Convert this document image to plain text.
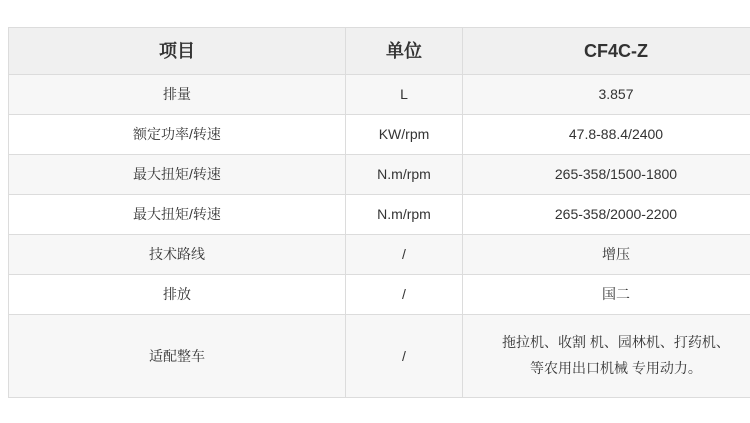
项目	单位	CF4C-Z
排量	L	3.857
额定功率/转速	KW/rpm	47.8-88.4/2400
最大扭矩/转速	N.m/rpm	265-358/1500-1800
最大扭矩/转速	N.m/rpm	265-358/2000-2200
技术路线	/	增压
排放	/	国二
适配整车	/	拖拉机、收割 机、园林机、打药机、
等农用出口机械 专用动力。
